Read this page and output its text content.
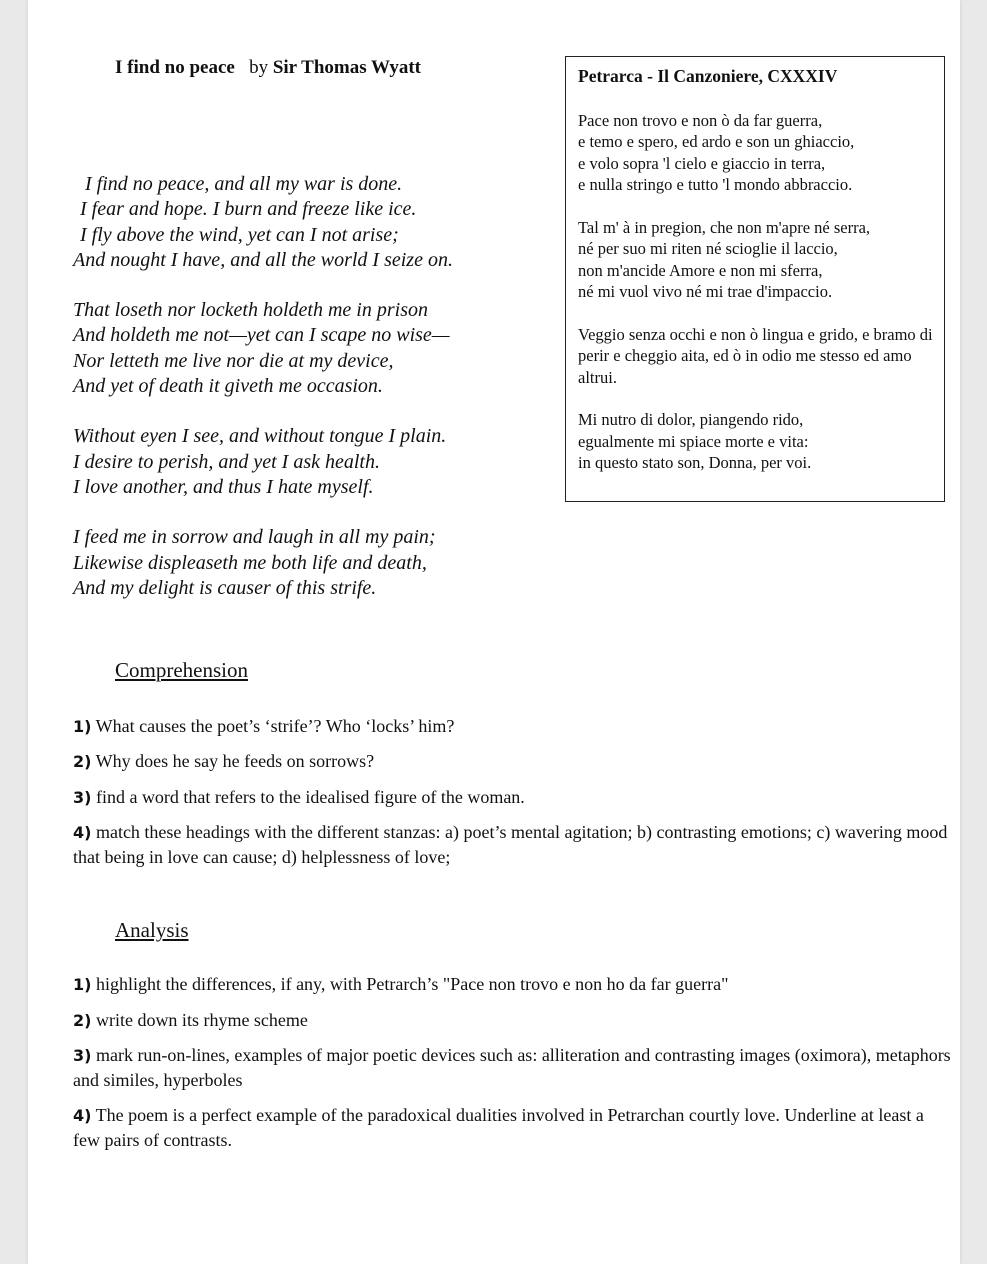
I find no peace by Sir Thomas Wyatt
I find no peace, and all my war is done.
I fear and hope. I burn and freeze like ice.
I fly above the wind, yet can I not arise;
And nought I have, and all the world I seize on.
That loseth nor locketh holdeth me in prison
And holdeth me not—yet can I scape no wise—
Nor letteth me live nor die at my device,
And yet of death it giveth me occasion.
Without eyen I see, and without tongue I plain.
I desire to perish, and yet I ask health.
I love another, and thus I hate myself.
I feed me in sorrow and laugh in all my pain;
Likewise displeaseth me both life and death,
And my delight is causer of this strife.
Petrarca - Il Canzoniere, CXXXIV
Pace non trovo e non ò da far guerra,
e temo e spero, ed ardo e son un ghiaccio,
e volo sopra 'l cielo e giaccio in terra,
e nulla stringo e tutto 'l mondo abbraccio.
Tal m' à in pregion, che non m'apre né serra,
né per suo mi riten né scioglie il laccio,
non m'ancide Amore e non mi sferra,
né mi vuol vivo né mi trae d'impaccio.
Veggio senza occhi e non ò lingua e grido, e bramo di perir e cheggio aita, ed ò in odio me stesso ed amo altrui.
Mi nutro di dolor, piangendo rido,
egualmente mi spiace morte e vita:
in questo stato son, Donna, per voi.
Comprehension
1) What causes the poet’s ‘strife’? Who ‘locks’ him?
2) Why does he say he feeds on sorrows?
3) find a word that refers to the idealised figure of the woman.
4) match these headings with the different stanzas: a) poet’s mental agitation; b) contrasting emotions; c) wavering mood that being in love can cause; d) helplessness of love;
Analysis
1) highlight the differences, if any, with Petrarch’s "Pace non trovo e non ho da far guerra"
2) write down its rhyme scheme
3) mark run-on-lines, examples of major poetic devices such as: alliteration and contrasting images (oximora), metaphors and similes, hyperboles
4) The poem is a perfect example of the paradoxical dualities involved in Petrarchan courtly love. Underline at least a few pairs of contrasts.
